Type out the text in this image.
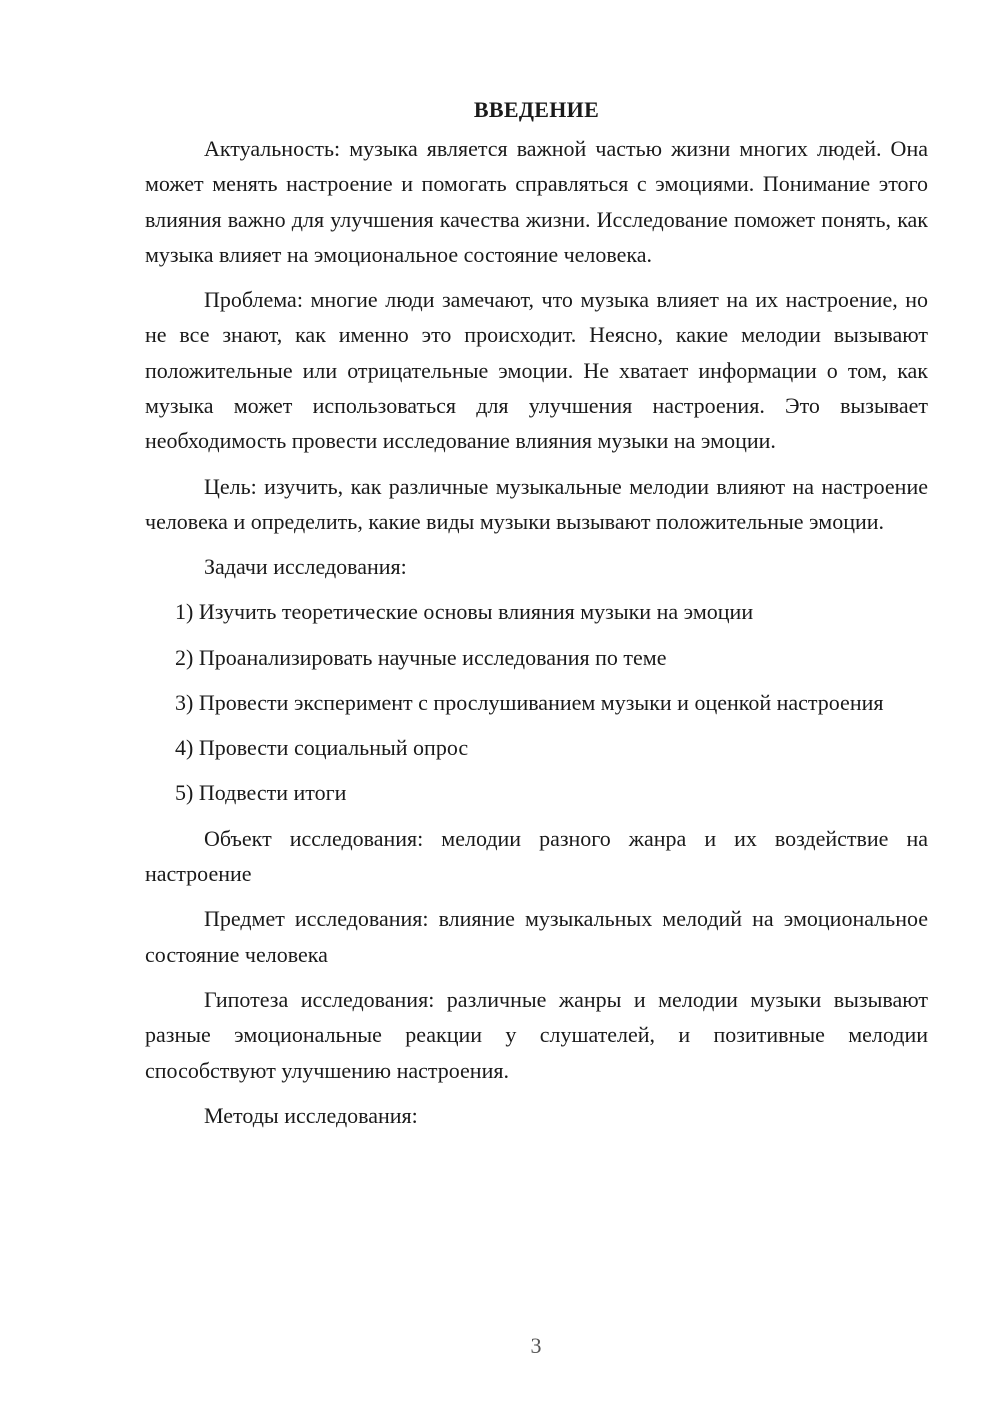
ВВЕДЕНИЕ

Актуальность: музыка является важной частью жизни многих людей. Она может менять настроение и помогать справляться с эмоциями. Понимание этого влияния важно для улучшения качества жизни. Исследование поможет понять, как музыка влияет на эмоциональное состояние человека.

Проблема: многие люди замечают, что музыка влияет на их настроение, но не все знают, как именно это происходит. Неясно, какие мелодии вызывают положительные или отрицательные эмоции. Не хватает информации о том, как музыка может использоваться для улучшения настроения. Это вызывает необходимость провести исследование влияния музыки на эмоции.

Цель: изучить, как различные музыкальные мелодии влияют на настроение человека и определить, какие виды музыки вызывают положительные эмоции.

Задачи исследования:

1) Изучить теоретические основы влияния музыки на эмоции

2) Проанализировать научные исследования по теме

3) Провести эксперимент с прослушиванием музыки и оценкой настроения

4) Провести социальный опрос

5) Подвести итоги

Объект исследования: мелодии разного жанра и их воздействие на настроение

Предмет исследования: влияние музыкальных мелодий на эмоциональное состояние человека

Гипотеза исследования: различные жанры и мелодии музыки вызывают разные эмоциональные реакции у слушателей, и позитивные мелодии способствуют улучшению настроения.

Методы исследования:

3
